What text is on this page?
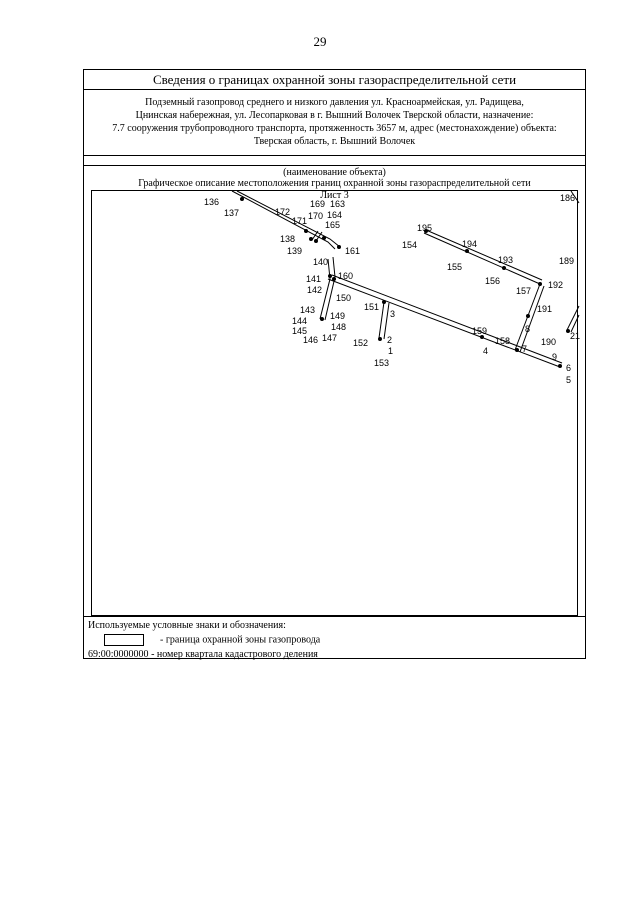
29
Сведения о границах охранной зоны газораспределительной сети
Подземный газопровод среднего и низкого давления ул. Красноармейская, ул. Радищева,
Цнинская набережная, ул. Лесопарковая в г. Вышний Волочек Тверской области, назначение:
7.7 сооружения трубопроводного транспорта, протяженность 3657 м, адрес (местонахождение) объекта:
Тверская область, г. Вышний Волочек
(наименование объекта)
Графическое описание местоположения границ охранной зоны газораспределительной сети
Лист 3	186
136
137
169 163
164
165
172
171 170
138
139	161
140
141 160
142
150
143
149
144
148
145
147
146
151
3
152 2
1
153
195
154	194
155
193
156
157
192
191
8
159
158
7
4
6
5
189
190
9
21
Используемые условные знаки и обозначения:
- граница охранной зоны газопровода
69:00:0000000 - номер квартала кадастрового деления
